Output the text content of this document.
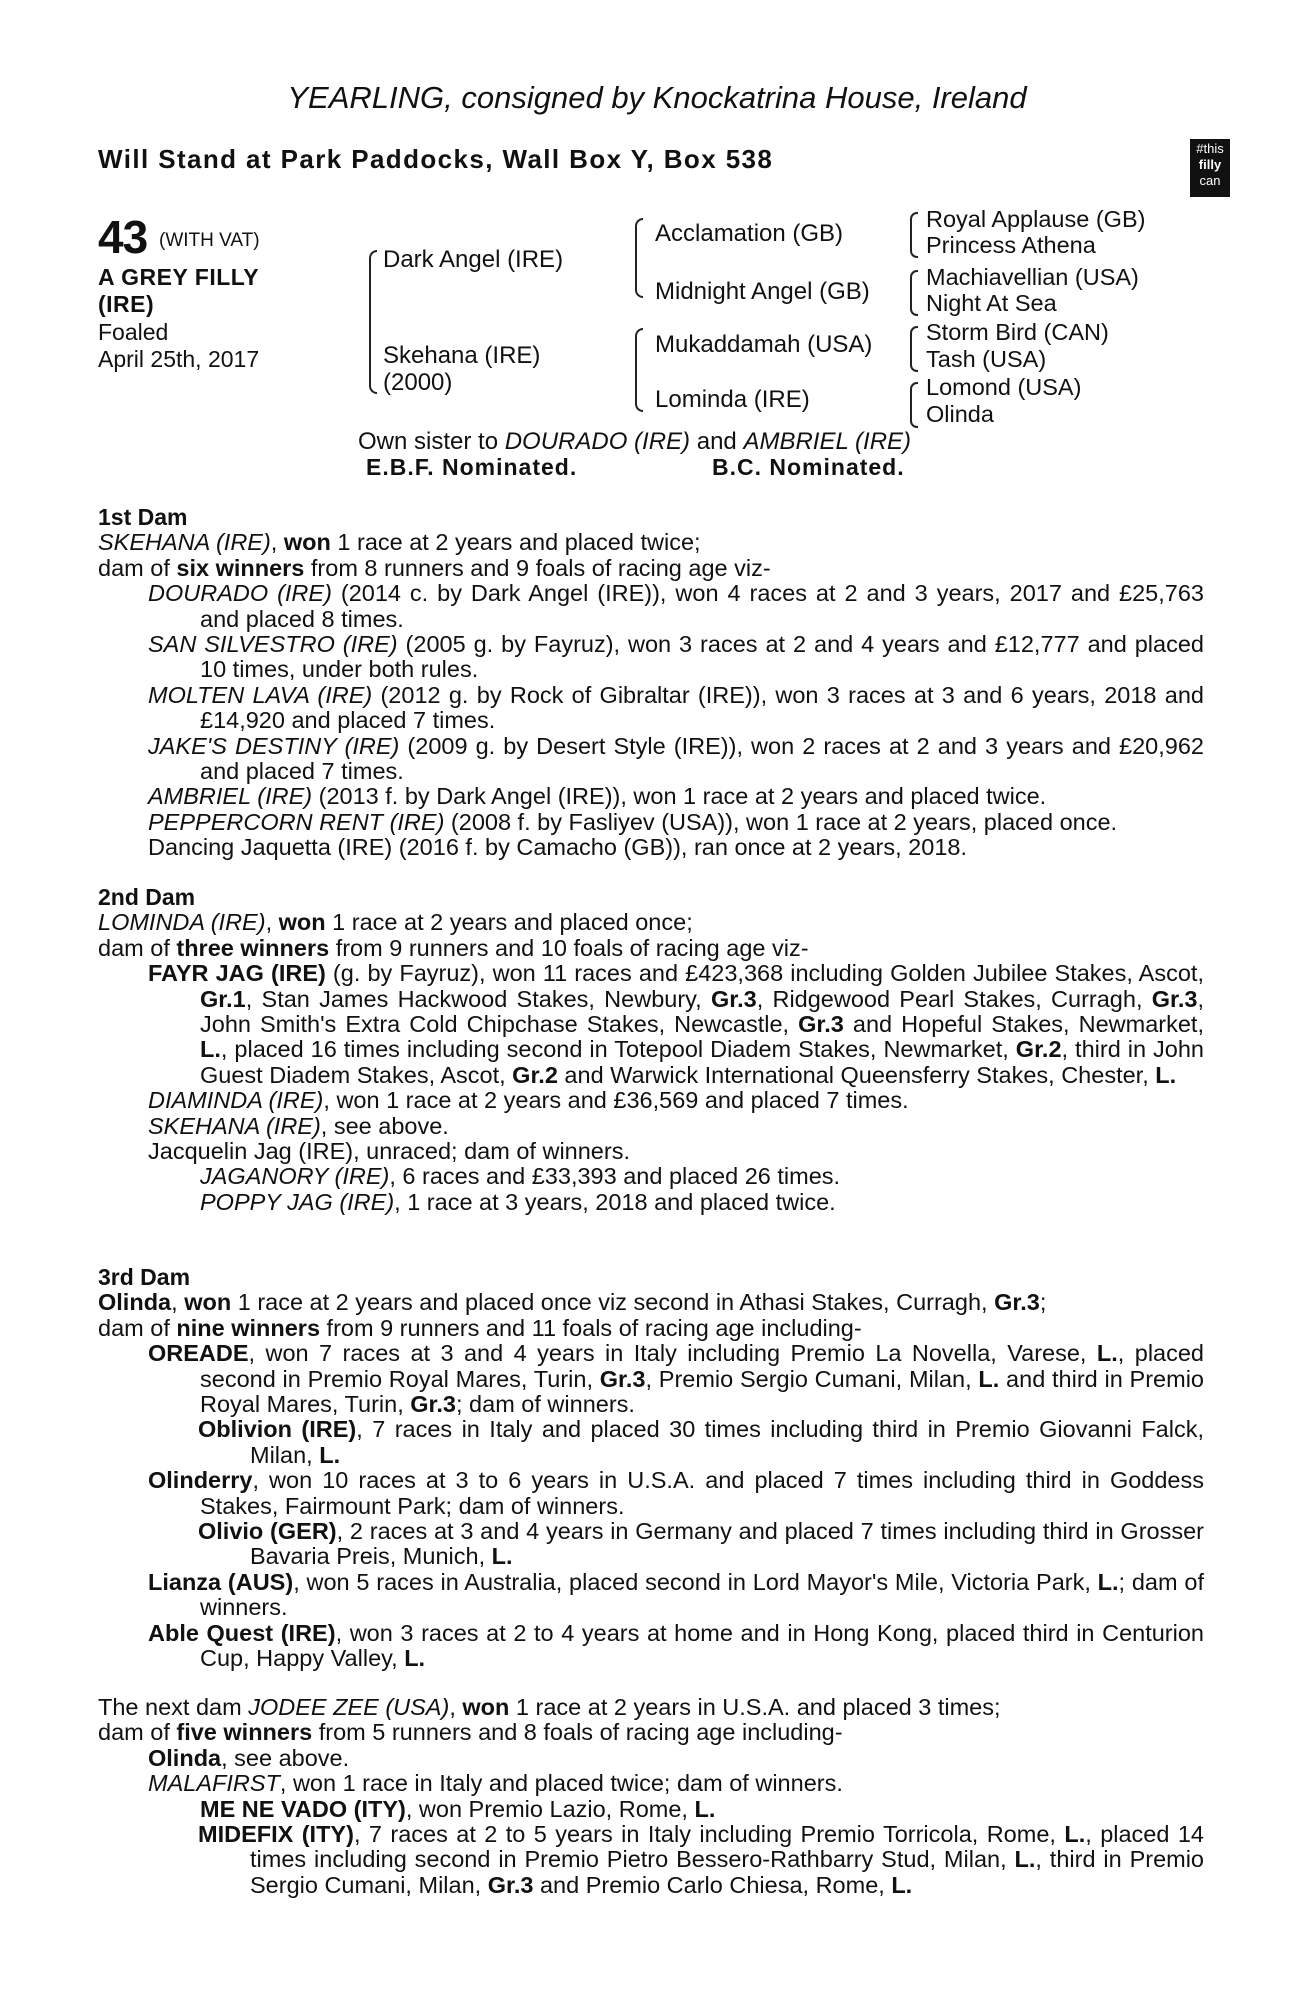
YEARLING, consigned by Knockatrina House, Ireland
Will Stand at Park Paddocks, Wall Box Y, Box 538	#this
filly
can
43 (WITH VAT)
A GREY FILLY
(IRE)
Foaled
April 25th, 2017
Dark Angel (IRE)
Skehana (IRE)
(2000)
Acclamation (GB)
Midnight Angel (GB)
Mukaddamah (USA)
Lominda (IRE)
Royal Applause (GB)
Princess Athena
Machiavellian (USA)
Night At Sea
Storm Bird (CAN)
Tash (USA)
Lomond (USA)
Olinda
Own sister to DOURADO (IRE) and AMBRIEL (IRE)
E.B.F. Nominated.	B.C. Nominated.

1st Dam

SKEHANA (IRE), won 1 race at 2 years and placed twice;

dam of six winners from 8 runners and 9 foals of racing age viz-

DOURADO (IRE) (2014 c. by Dark Angel (IRE)), won 4 races at 2 and 3 years, 2017 and £25,763 and placed 8 times.

SAN SILVESTRO (IRE) (2005 g. by Fayruz), won 3 races at 2 and 4 years and £12,777 and placed 10 times, under both rules.

MOLTEN LAVA (IRE) (2012 g. by Rock of Gibraltar (IRE)), won 3 races at 3 and 6 years, 2018 and £14,920 and placed 7 times.

JAKE'S DESTINY (IRE) (2009 g. by Desert Style (IRE)), won 2 races at 2 and 3 years and £20,962 and placed 7 times.

AMBRIEL (IRE) (2013 f. by Dark Angel (IRE)), won 1 race at 2 years and placed twice.

PEPPERCORN RENT (IRE) (2008 f. by Fasliyev (USA)), won 1 race at 2 years, placed once.

Dancing Jaquetta (IRE) (2016 f. by Camacho (GB)), ran once at 2 years, 2018.

2nd Dam

LOMINDA (IRE), won 1 race at 2 years and placed once;

dam of three winners from 9 runners and 10 foals of racing age viz-

FAYR JAG (IRE) (g. by Fayruz), won 11 races and £423,368 including Golden Jubilee Stakes, Ascot, Gr.1, Stan James Hackwood Stakes, Newbury, Gr.3, Ridgewood Pearl Stakes, Curragh, Gr.3, John Smith's Extra Cold Chipchase Stakes, Newcastle, Gr.3 and Hopeful Stakes, Newmarket, L., placed 16 times including second in Totepool Diadem Stakes, Newmarket, Gr.2, third in John Guest Diadem Stakes, Ascot, Gr.2 and Warwick International Queensferry Stakes, Chester, L.

DIAMINDA (IRE), won 1 race at 2 years and £36,569 and placed 7 times.

SKEHANA (IRE), see above.

Jacquelin Jag (IRE), unraced; dam of winners.

JAGANORY (IRE), 6 races and £33,393 and placed 26 times.

POPPY JAG (IRE), 1 race at 3 years, 2018 and placed twice.

3rd Dam

Olinda, won 1 race at 2 years and placed once viz second in Athasi Stakes, Curragh, Gr.3;

dam of nine winners from 9 runners and 11 foals of racing age including-

OREADE, won 7 races at 3 and 4 years in Italy including Premio La Novella, Varese, L., placed second in Premio Royal Mares, Turin, Gr.3, Premio Sergio Cumani, Milan, L. and third in Premio Royal Mares, Turin, Gr.3; dam of winners.

Oblivion (IRE), 7 races in Italy and placed 30 times including third in Premio Giovanni Falck, Milan, L.

Olinderry, won 10 races at 3 to 6 years in U.S.A. and placed 7 times including third in Goddess Stakes, Fairmount Park; dam of winners.

Olivio (GER), 2 races at 3 and 4 years in Germany and placed 7 times including third in Grosser Bavaria Preis, Munich, L.

Lianza (AUS), won 5 races in Australia, placed second in Lord Mayor's Mile, Victoria Park, L.; dam of winners.

Able Quest (IRE), won 3 races at 2 to 4 years at home and in Hong Kong, placed third in Centurion Cup, Happy Valley, L.

The next dam JODEE ZEE (USA), won 1 race at 2 years in U.S.A. and placed 3 times;

dam of five winners from 5 runners and 8 foals of racing age including-

Olinda, see above.

MALAFIRST, won 1 race in Italy and placed twice; dam of winners.

ME NE VADO (ITY), won Premio Lazio, Rome, L.

MIDEFIX (ITY), 7 races at 2 to 5 years in Italy including Premio Torricola, Rome, L., placed 14 times including second in Premio Pietro Bessero-Rathbarry Stud, Milan, L., third in Premio Sergio Cumani, Milan, Gr.3 and Premio Carlo Chiesa, Rome, L.
